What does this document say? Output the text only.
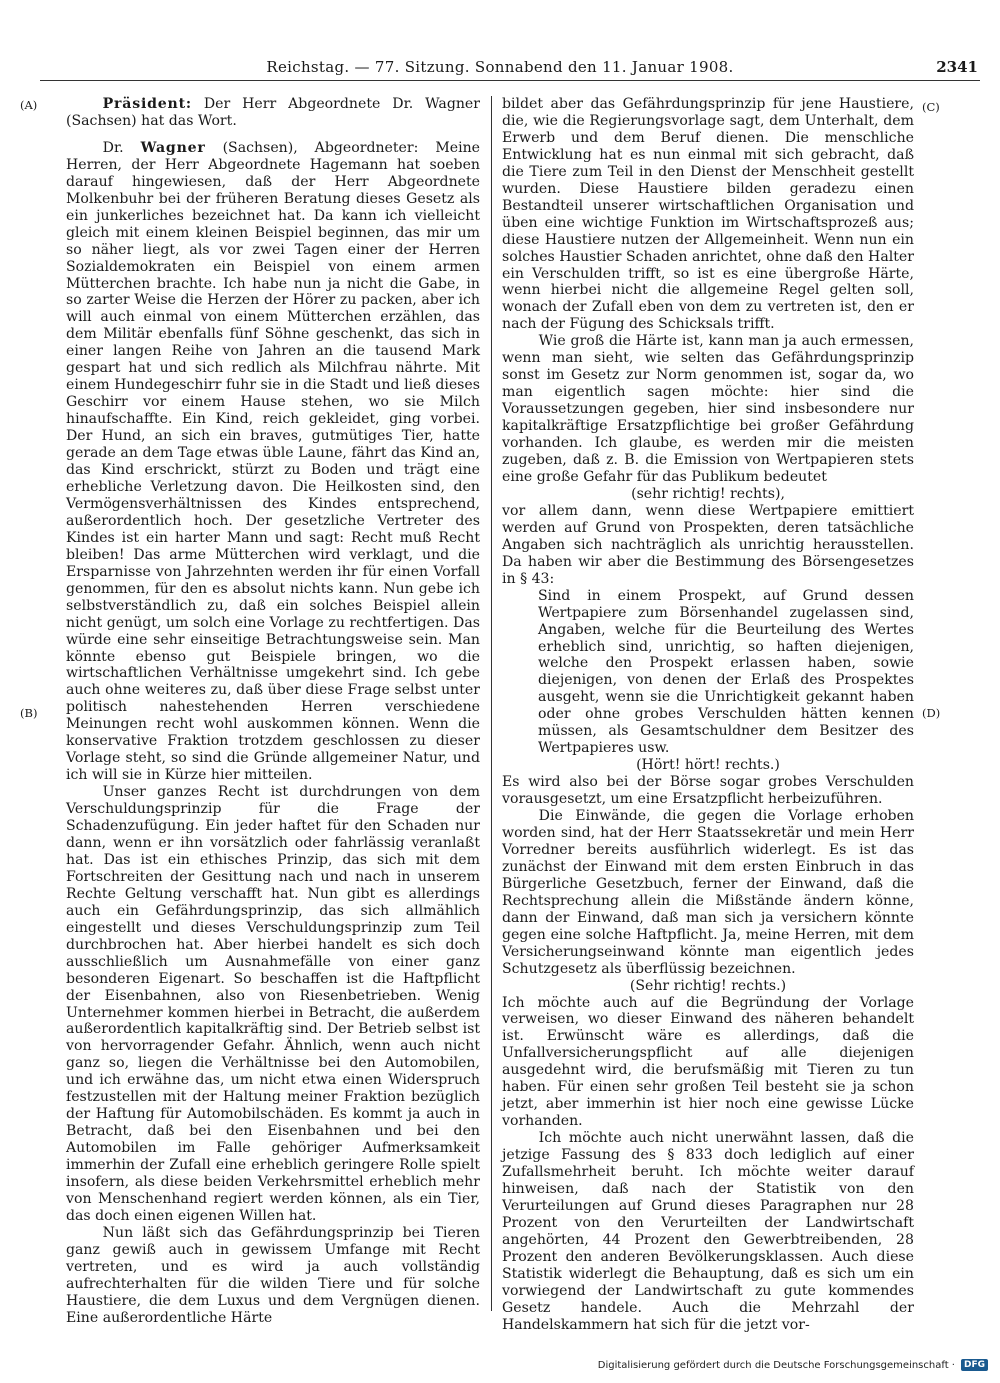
Reichstag. — 77. Sitzung. Sonnabend den 11. Januar 1908.	2341
(A)
(B)
(C)
(D)

Präsident: Der Herr Abgeordnete Dr. Wagner (Sachsen) hat das Wort.

Dr. Wagner (Sachsen), Abgeordneter: Meine Herren, der Herr Abgeordnete Hagemann hat soeben darauf hingewiesen, daß der Herr Abgeordnete Molkenbuhr bei der früheren Beratung dieses Gesetz als ein junkerliches bezeichnet hat. Da kann ich vielleicht gleich mit einem kleinen Beispiel beginnen, das mir um so näher liegt, als vor zwei Tagen einer der Herren Sozialdemokraten ein Beispiel von einem armen Mütterchen brachte. Ich habe nun ja nicht die Gabe, in so zarter Weise die Herzen der Hörer zu packen, aber ich will auch einmal von einem Mütterchen erzählen, das dem Militär ebenfalls fünf Söhne geschenkt, das sich in einer langen Reihe von Jahren an die tausend Mark gespart hat und sich redlich als Milchfrau nährte. Mit einem Hundegeschirr fuhr sie in die Stadt und ließ dieses Geschirr vor einem Hause stehen, wo sie Milch hinaufschaffte. Ein Kind, reich gekleidet, ging vorbei. Der Hund, an sich ein braves, gutmütiges Tier, hatte gerade an dem Tage etwas üble Laune, fährt das Kind an, das Kind erschrickt, stürzt zu Boden und trägt eine erhebliche Verletzung davon. Die Heilkosten sind, den Vermögensverhältnissen des Kindes entsprechend, außerordentlich hoch. Der gesetzliche Vertreter des Kindes ist ein harter Mann und sagt: Recht muß Recht bleiben! Das arme Mütterchen wird verklagt, und die Ersparnisse von Jahrzehnten werden ihr für einen Vorfall genommen, für den es absolut nichts kann. Nun gebe ich selbstverständlich zu, daß ein solches Beispiel allein nicht genügt, um solch eine Vorlage zu rechtfertigen. Das würde eine sehr einseitige Betrachtungsweise sein. Man könnte ebenso gut Beispiele bringen, wo die wirtschaftlichen Verhältnisse umgekehrt sind. Ich gebe auch ohne weiteres zu, daß über diese Frage selbst unter politisch nahestehenden Herren verschiedene Meinungen recht wohl auskommen können. Wenn die konservative Fraktion trotzdem geschlossen zu dieser Vorlage steht, so sind die Gründe allgemeiner Natur, und ich will sie in Kürze hier mitteilen.

Unser ganzes Recht ist durchdrungen von dem Verschuldungsprinzip für die Frage der Schadenzufügung. Ein jeder haftet für den Schaden nur dann, wenn er ihn vorsätzlich oder fahrlässig veranlaßt hat. Das ist ein ethisches Prinzip, das sich mit dem Fortschreiten der Gesittung nach und nach in unserem Rechte Geltung verschafft hat. Nun gibt es allerdings auch ein Gefährdungsprinzip, das sich allmählich eingestellt und dieses Verschuldungsprinzip zum Teil durchbrochen hat. Aber hierbei handelt es sich doch ausschließlich um Ausnahmefälle von einer ganz besonderen Eigenart. So beschaffen ist die Haftpflicht der Eisenbahnen, also von Riesenbetrieben. Wenig Unternehmer kommen hierbei in Betracht, die außerdem außerordentlich kapitalkräftig sind. Der Betrieb selbst ist von hervorragender Gefahr. Ähnlich, wenn auch nicht ganz so, liegen die Verhältnisse bei den Automobilen, und ich erwähne das, um nicht etwa einen Widerspruch festzustellen mit der Haltung meiner Fraktion bezüglich der Haftung für Automobilschäden. Es kommt ja auch in Betracht, daß bei den Eisenbahnen und bei den Automobilen im Falle gehöriger Aufmerksamkeit immerhin der Zufall eine erheblich geringere Rolle spielt insofern, als diese beiden Verkehrsmittel erheblich mehr von Menschenhand regiert werden können, als ein Tier, das doch einen eigenen Willen hat.

Nun läßt sich das Gefährdungsprinzip bei Tieren ganz gewiß auch in gewissem Umfange mit Recht vertreten, und es wird ja auch vollständig aufrechterhalten für die wilden Tiere und für solche Haustiere, die dem Luxus und dem Vergnügen dienen. Eine außerordentliche Härte

bildet aber das Gefährdungsprinzip für jene Haustiere, die, wie die Regierungsvorlage sagt, dem Unterhalt, dem Erwerb und dem Beruf dienen. Die menschliche Entwicklung hat es nun einmal mit sich gebracht, daß die Tiere zum Teil in den Dienst der Menschheit gestellt wurden. Diese Haustiere bilden geradezu einen Bestandteil unserer wirtschaftlichen Organisation und üben eine wichtige Funktion im Wirtschaftsprozeß aus; diese Haustiere nutzen der Allgemeinheit. Wenn nun ein solches Haustier Schaden anrichtet, ohne daß den Halter ein Verschulden trifft, so ist es eine übergroße Härte, wenn hierbei nicht die allgemeine Regel gelten soll, wonach der Zufall eben von dem zu vertreten ist, den er nach der Fügung des Schicksals trifft.

Wie groß die Härte ist, kann man ja auch ermessen, wenn man sieht, wie selten das Gefährdungsprinzip sonst im Gesetz zur Norm genommen ist, sogar da, wo man eigentlich sagen möchte: hier sind die Voraussetzungen gegeben, hier sind insbesondere nur kapitalkräftige Ersatzpflichtige bei großer Gefährdung vorhanden. Ich glaube, es werden mir die meisten zugeben, daß z. B. die Emission von Wertpapieren stets eine große Gefahr für das Publikum bedeutet

(sehr richtig! rechts),

vor allem dann, wenn diese Wertpapiere emittiert werden auf Grund von Prospekten, deren tatsächliche Angaben sich nachträglich als unrichtig herausstellen. Da haben wir aber die Bestimmung des Börsengesetzes in § 43:

Sind in einem Prospekt, auf Grund dessen Wertpapiere zum Börsenhandel zugelassen sind, Angaben, welche für die Beurteilung des Wertes erheblich sind, unrichtig, so haften diejenigen, welche den Prospekt erlassen haben, sowie diejenigen, von denen der Erlaß des Prospektes ausgeht, wenn sie die Unrichtigkeit gekannt haben oder ohne grobes Verschulden hätten kennen müssen, als Gesamtschuldner dem Besitzer des Wertpapieres usw.

(Hört! hört! rechts.)

Es wird also bei der Börse sogar grobes Verschulden vorausgesetzt, um eine Ersatzpflicht herbeizuführen.

Die Einwände, die gegen die Vorlage erhoben worden sind, hat der Herr Staatssekretär und mein Herr Vorredner bereits ausführlich widerlegt. Es ist das zunächst der Einwand mit dem ersten Einbruch in das Bürgerliche Gesetzbuch, ferner der Einwand, daß die Rechtsprechung allein die Mißstände ändern könne, dann der Einwand, daß man sich ja versichern könnte gegen eine solche Haftpflicht. Ja, meine Herren, mit dem Versicherungseinwand könnte man eigentlich jedes Schutzgesetz als überflüssig bezeichnen.

(Sehr richtig! rechts.)

Ich möchte auch auf die Begründung der Vorlage verweisen, wo dieser Einwand des näheren behandelt ist. Erwünscht wäre es allerdings, daß die Unfallversicherungspflicht auf alle diejenigen ausgedehnt wird, die berufsmäßig mit Tieren zu tun haben. Für einen sehr großen Teil besteht sie ja schon jetzt, aber immerhin ist hier noch eine gewisse Lücke vorhanden.

Ich möchte auch nicht unerwähnt lassen, daß die jetzige Fassung des § 833 doch lediglich auf einer Zufallsmehrheit beruht. Ich möchte weiter darauf hinweisen, daß nach der Statistik von den Verurteilungen auf Grund dieses Paragraphen nur 28 Prozent von den Verurteilten der Landwirtschaft angehörten, 44 Prozent den Gewerbtreibenden, 28 Prozent den anderen Bevölkerungsklassen. Auch diese Statistik widerlegt die Behauptung, daß es sich um ein vorwiegend der Landwirtschaft zu gute kommendes Gesetz handele. Auch die Mehrzahl der Handelskammern hat sich für die jetzt vor-

Digitalisierung gefördert durch die Deutsche Forschungsgemeinschaft ·	DFG
